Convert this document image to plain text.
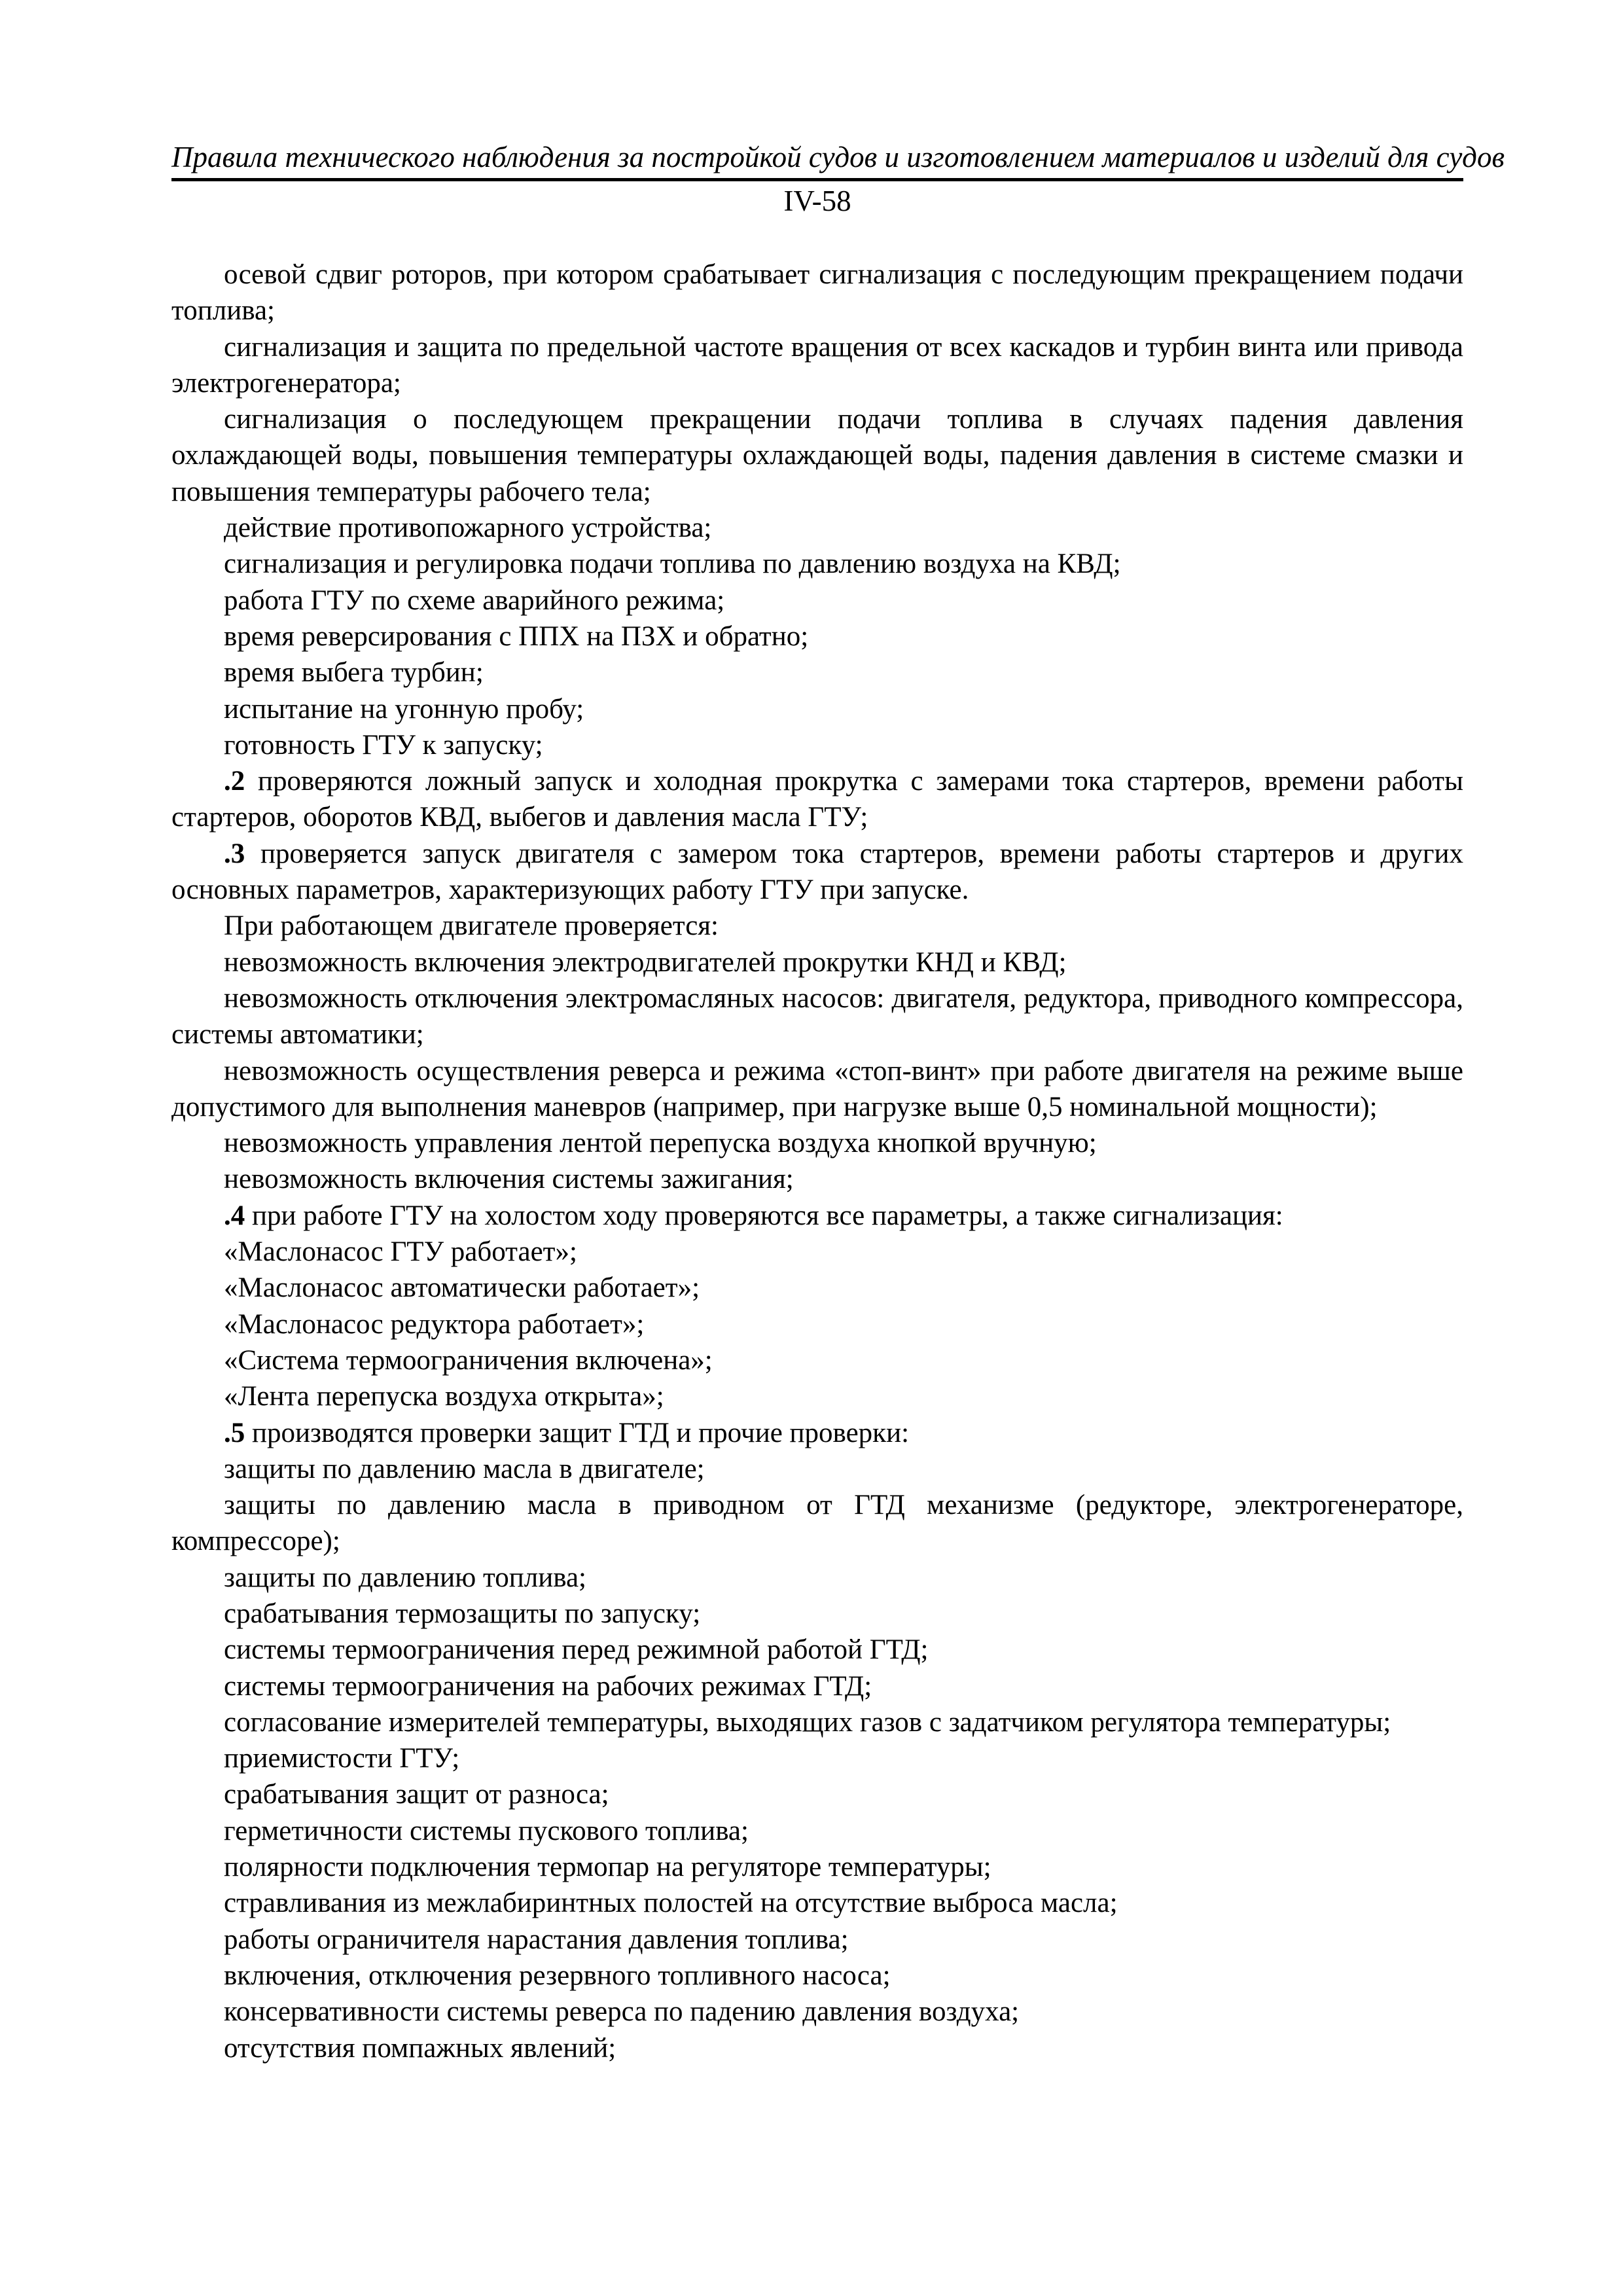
Правила технического наблюдения за постройкой судов и изготовлением материалов и изделий для судов
IV-58

осевой сдвиг роторов, при котором срабатывает сигнализация с последующим прекращением подачи топлива;

сигнализация и защита по предельной частоте вращения от всех каскадов и турбин винта или привода электрогенератора;

сигнализация о последующем прекращении подачи топлива в случаях падения давления охлаждающей воды, повышения температуры охлаждающей воды, падения давления в системе смазки и повышения температуры рабочего тела;

действие противопожарного устройства;

сигнализация и регулировка подачи топлива по давлению воздуха на КВД;

работа ГТУ по схеме аварийного режима;

время реверсирования с ППХ на ПЗХ и обратно;

время выбега турбин;

испытание на угонную пробу;

готовность ГТУ к запуску;

.2 проверяются ложный запуск и холодная прокрутка с замерами тока стартеров, времени работы стартеров, оборотов КВД, выбегов и давления масла ГТУ;

.3 проверяется запуск двигателя с замером тока стартеров, времени работы стартеров и других основных параметров, характеризующих работу ГТУ при запуске.

При работающем двигателе проверяется:

невозможность включения электродвигателей прокрутки КНД и КВД;

невозможность отключения электромасляных насосов: двигателя, редуктора, приводного компрессора, системы автоматики;

невозможность осуществления реверса и режима «стоп-винт» при работе двигателя на режиме выше допустимого для выполнения маневров (например, при нагрузке выше 0,5 номинальной мощности);

невозможность управления лентой перепуска воздуха кнопкой вручную;

невозможность включения системы зажигания;

.4 при работе ГТУ на холостом ходу проверяются все параметры, а также сигнализация:

«Маслонасос ГТУ работает»;

«Маслонасос автоматически работает»;

«Маслонасос редуктора работает»;

«Система термоограничения включена»;

«Лента перепуска воздуха открыта»;

.5 производятся проверки защит ГТД и прочие проверки:

защиты по давлению масла в двигателе;

защиты по давлению масла в приводном от ГТД механизме (редукторе, электрогенераторе, компрессоре);

защиты по давлению топлива;

срабатывания термозащиты по запуску;

системы термоограничения перед режимной работой ГТД;

системы термоограничения на рабочих режимах ГТД;

согласование измерителей температуры, выходящих газов с задатчиком регулятора температуры;

приемистости ГТУ;

срабатывания защит от разноса;

герметичности системы пускового топлива;

полярности подключения термопар на регуляторе температуры;

стравливания из межлабиринтных полостей на отсутствие выброса масла;

работы ограничителя нарастания давления топлива;

включения, отключения резервного топливного насоса;

консервативности системы реверса по падению давления воздуха;

отсутствия помпажных явлений;
